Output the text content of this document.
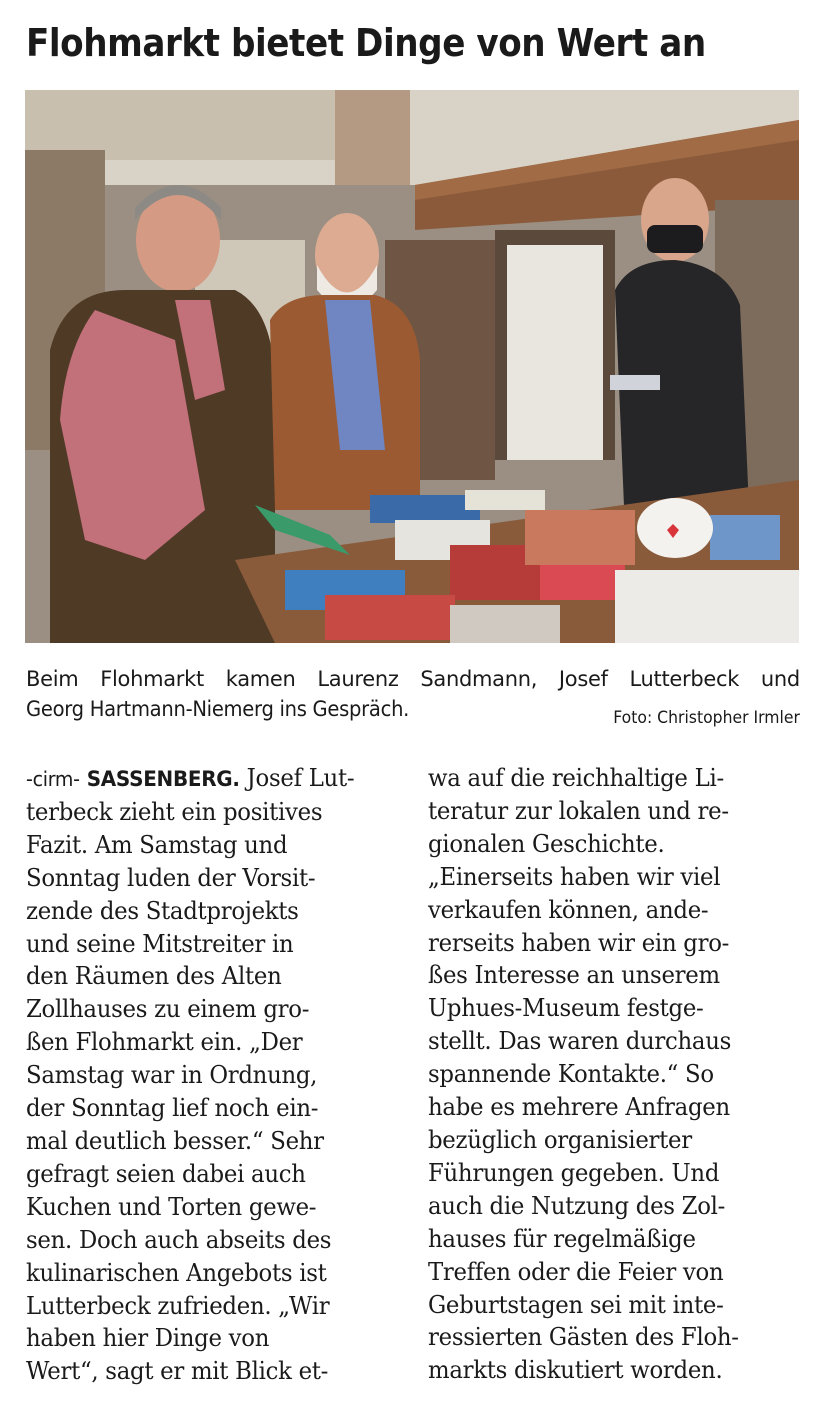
Flohmarkt bietet Dinge von Wert an
Beim Flohmarkt kamen Laurenz Sandmann, Josef Lutterbeck und
Georg Hartmann-Niemerg ins Gespräch.	Foto: Christopher Irmler
-cirm- SASSENBERG. Josef Lut-
terbeck zieht ein positives
Fazit. Am Samstag und
Sonntag luden der Vorsit-
zende des Stadtprojekts
und seine Mitstreiter in
den Räumen des Alten
Zollhauses zu einem gro-
ßen Flohmarkt ein. „Der
Samstag war in Ordnung,
der Sonntag lief noch ein-
mal deutlich besser.“ Sehr
gefragt seien dabei auch
Kuchen und Torten gewe-
sen. Doch auch abseits des
kulinarischen Angebots ist
Lutterbeck zufrieden. „Wir
haben hier Dinge von
Wert“, sagt er mit Blick et-
wa auf die reichhaltige Li-
teratur zur lokalen und re-
gionalen Geschichte.
„Einerseits haben wir viel
verkaufen können, ande-
rerseits haben wir ein gro-
ßes Interesse an unserem
Uphues-Museum festge-
stellt. Das waren durchaus
spannende Kontakte.“ So
habe es mehrere Anfragen
bezüglich organisierter
Führungen gegeben. Und
auch die Nutzung des Zol-
hauses für regelmäßige
Treffen oder die Feier von
Geburtstagen sei mit inte-
ressierten Gästen des Floh-
markts diskutiert worden.
